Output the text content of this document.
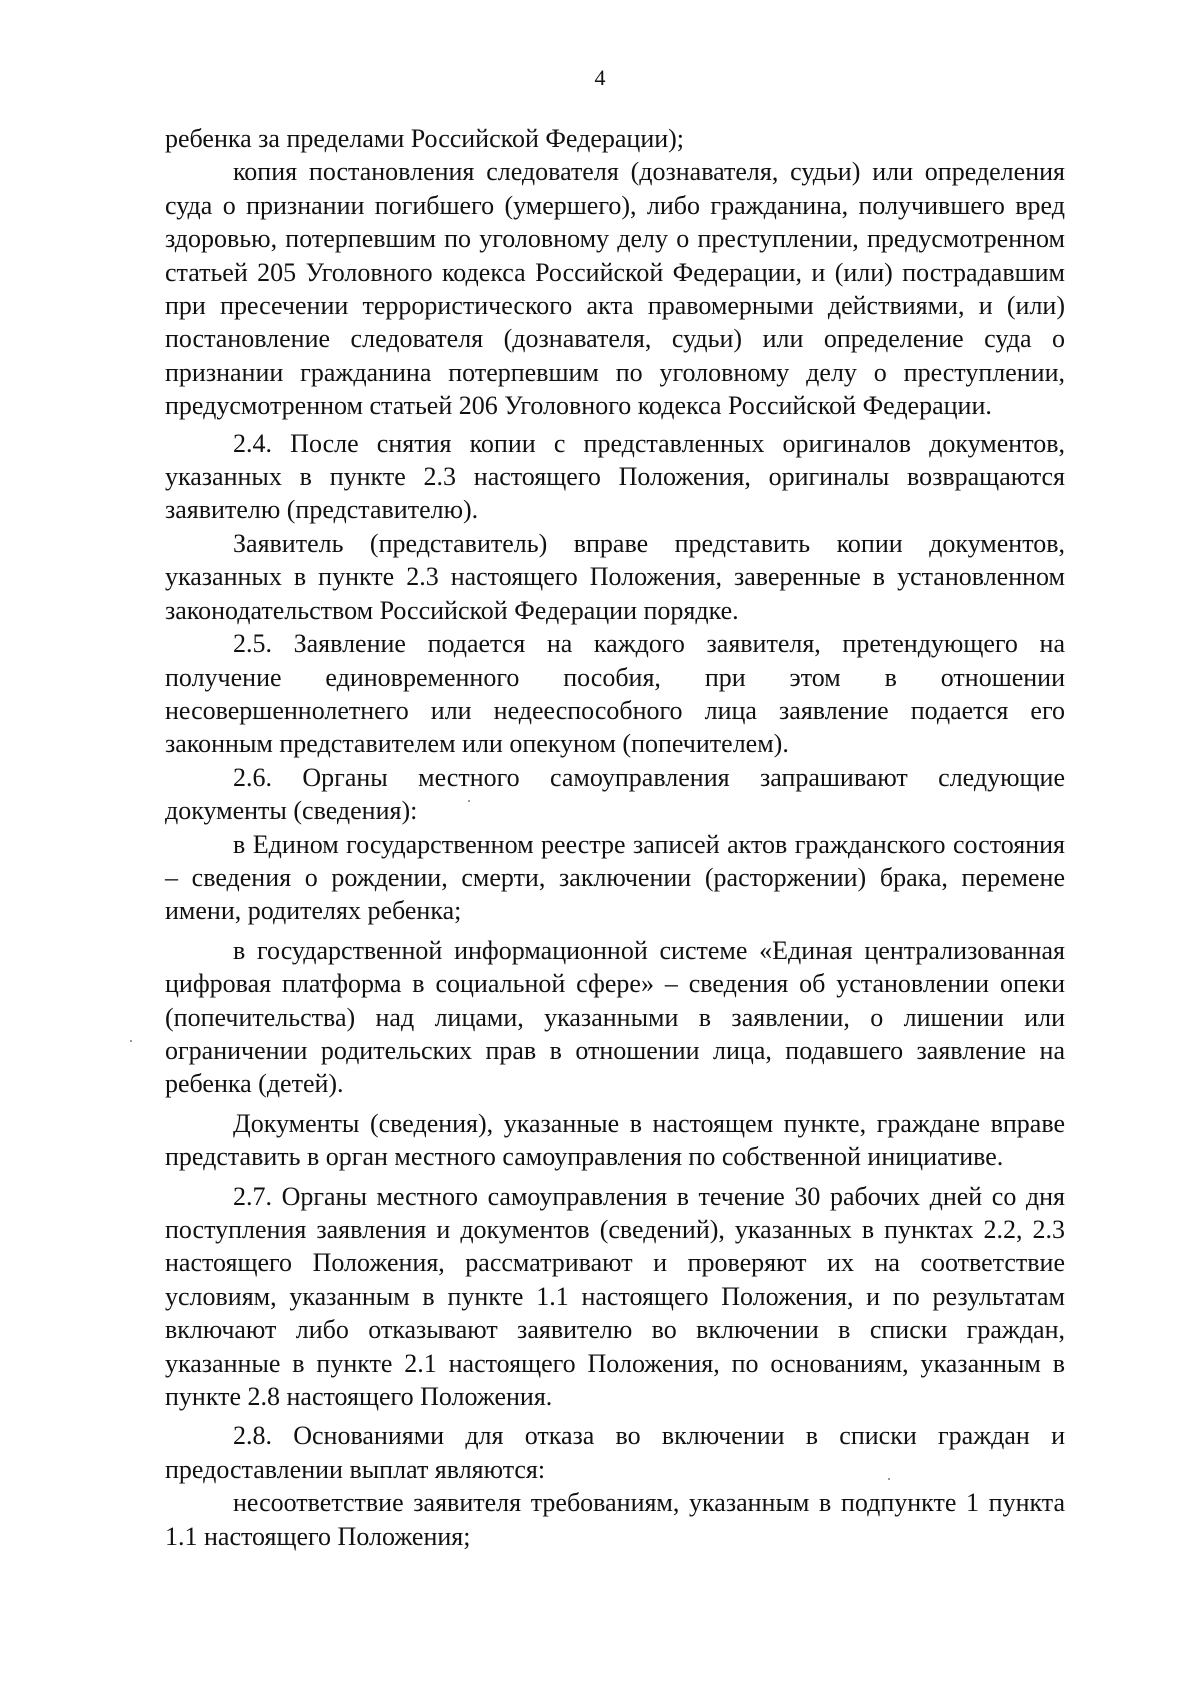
4

ребенка за пределами Российской Федерации);

копия постановления следователя (дознавателя, судьи) или определения суда о признании погибшего (умершего), либо гражданина, получившего вред здоровью, потерпевшим по уголовному делу о преступлении, предусмотренном статьей 205 Уголовного кодекса Российской Федерации, и (или) пострадавшим при пресечении террористического акта правомерными действиями, и (или) постановление следователя (дознавателя, судьи) или определение суда о признании гражданина потерпевшим по уголовному делу о преступлении, предусмотренном статьей 206 Уголовного кодекса Российской Федерации.

2.4. После снятия копии с представленных оригиналов документов, указанных в пункте 2.3 настоящего Положения, оригиналы возвращаются заявителю (представителю).

Заявитель (представитель) вправе представить копии документов, указанных в пункте 2.3 настоящего Положения, заверенные в установленном законодательством Российской Федерации порядке.

2.5. Заявление подается на каждого заявителя, претендующего на получение единовременного пособия, при этом в отношении несовершеннолетнего или недееспособного лица заявление подается его законным представителем или опекуном (попечителем).

2.6. Органы местного самоуправления запрашивают следующие документы (сведения):

в Едином государственном реестре записей актов гражданского состояния – сведения о рождении, смерти, заключении (расторжении) брака, перемене имени, родителях ребенка;

в государственной информационной системе «Единая централизованная цифровая платформа в социальной сфере» – сведения об установлении опеки (попечительства) над лицами, указанными в заявлении, о лишении или ограничении родительских прав в отношении лица, подавшего заявление на ребенка (детей).

Документы (сведения), указанные в настоящем пункте, граждане вправе представить в орган местного самоуправления по собственной инициативе.

2.7. Органы местного самоуправления в течение 30 рабочих дней со дня поступления заявления и документов (сведений), указанных в пунктах 2.2, 2.3 настоящего Положения, рассматривают и проверяют их на соответствие условиям, указанным в пункте 1.1 настоящего Положения, и по результатам включают либо отказывают заявителю во включении в списки граждан, указанные в пункте 2.1 настоящего Положения, по основаниям, указанным в пункте 2.8 настоящего Положения.

2.8. Основаниями для отказа во включении в списки граждан и предоставлении выплат являются:

несоответствие заявителя требованиям, указанным в подпункте 1 пункта 1.1 настоящего Положения;
